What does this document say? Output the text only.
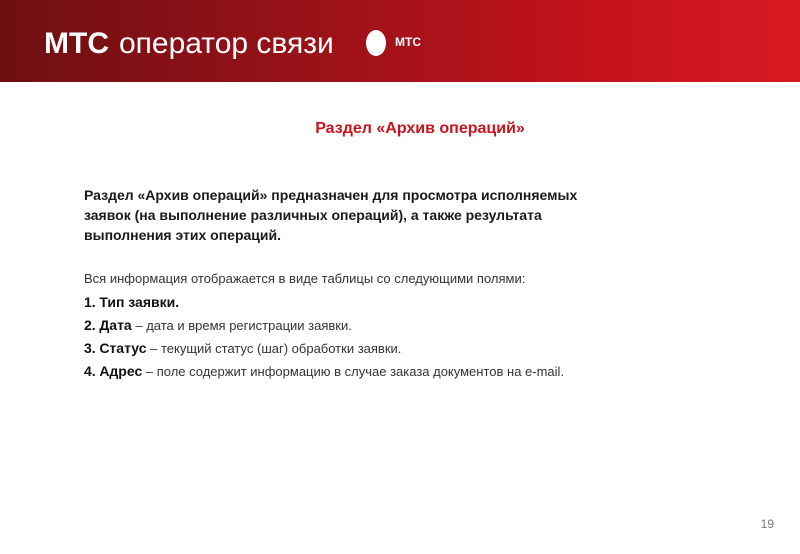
МТС оператор связи	МТС
Раздел «Архив операций»
Раздел «Архив операций» предназначен для просмотра исполняемых
заявок (на выполнение различных операций), а также результата
выполнения этих операций.
Вся информация отображается в виде таблицы со следующими полями:
1. Тип заявки.
2. Дата – дата и время регистрации заявки.
3. Статус – текущий статус (шаг) обработки заявки.
4. Адрес – поле содержит информацию в случае заказа документов на e-mail.
19
